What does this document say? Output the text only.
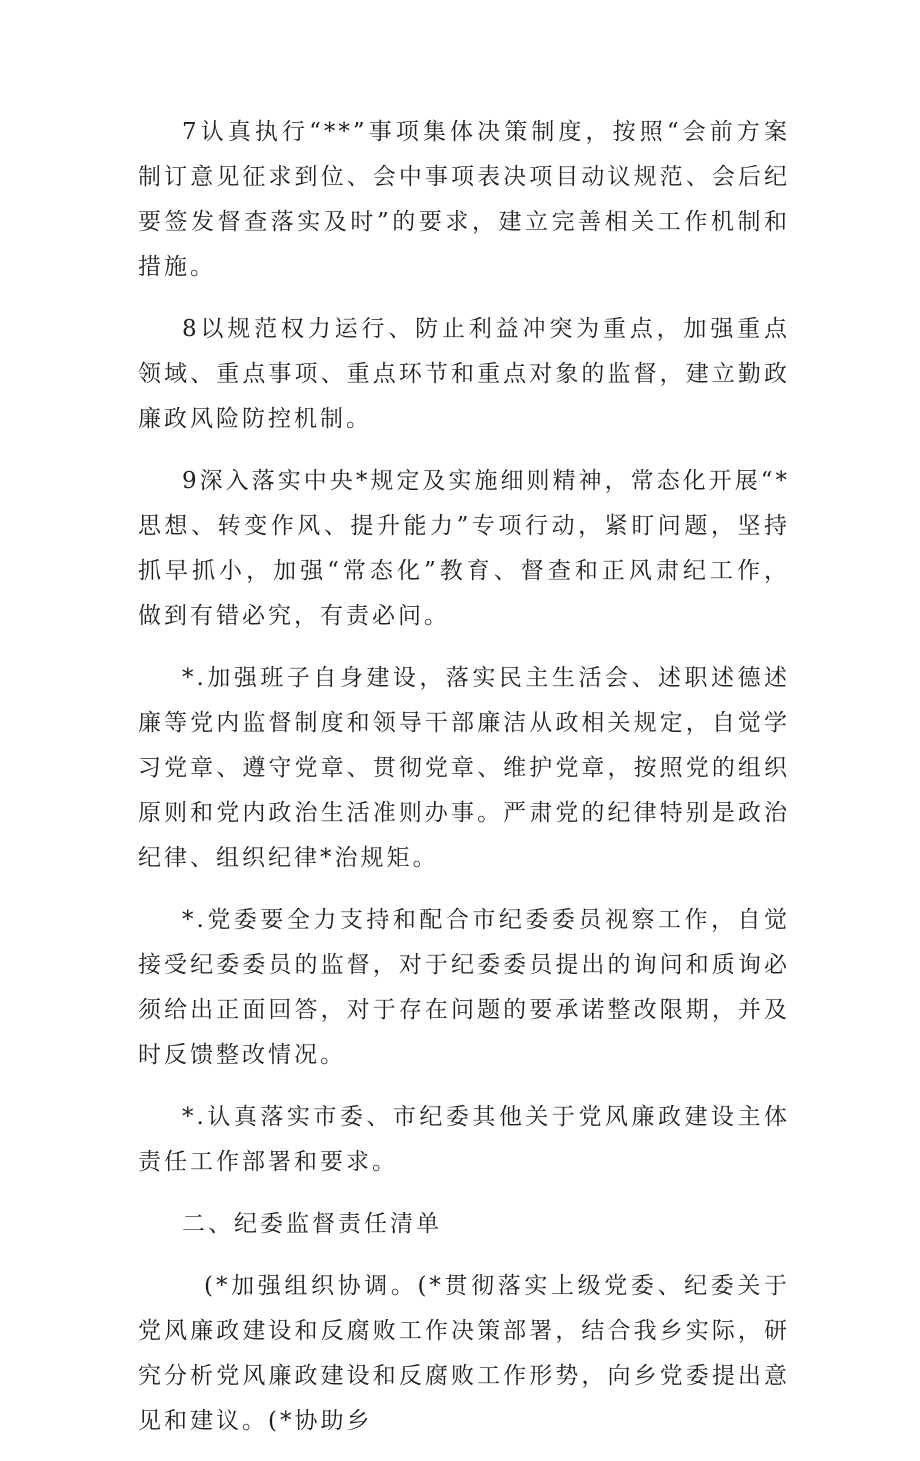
7认真执行“**”事项集体决策制度，按照“会前方案制订意见征求到位、会中事项表决项目动议规范、会后纪要签发督查落实及时”的要求，建立完善相关工作机制和措施。

8以规范权力运行、防止利益冲突为重点，加强重点领域、重点事项、重点环节和重点对象的监督，建立勤政廉政风险防控机制。

9深入落实中央*规定及实施细则精神，常态化开展“*思想、转变作风、提升能力”专项行动，紧盯问题，坚持抓早抓小，加强“常态化”教育、督查和正风肃纪工作，做到有错必究，有责必问。

*.加强班子自身建设，落实民主生活会、述职述德述廉等党内监督制度和领导干部廉洁从政相关规定，自觉学习党章、遵守党章、贯彻党章、维护党章，按照党的组织原则和党内政治生活准则办事。严肃党的纪律特别是政治纪律、组织纪律*治规矩。

*.党委要全力支持和配合市纪委委员视察工作，自觉接受纪委委员的监督，对于纪委委员提出的询问和质询必须给出正面回答，对于存在问题的要承诺整改限期，并及时反馈整改情况。

*.认真落实市委、市纪委其他关于党风廉政建设主体责任工作部署和要求。

二、纪委监督责任清单

(*加强组织协调。(*贯彻落实上级党委、纪委关于党风廉政建设和反腐败工作决策部署，结合我乡实际，研究分析党风廉政建设和反腐败工作形势，向乡党委提出意见和建议。(*协助乡
